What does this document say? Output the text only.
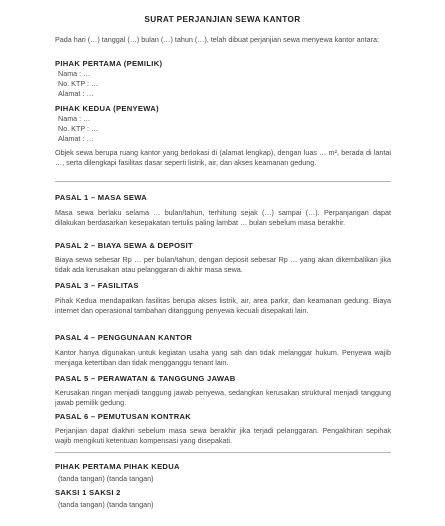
SURAT PERJANJIAN SEWA KANTOR
Pada hari (…) tanggal (…) bulan (…) tahun (…), telah dibuat perjanjian sewa menyewa kantor antara:
PIHAK PERTAMA (PEMILIK)
Nama : …
No. KTP : …
Alamat : …
PIHAK KEDUA (PENYEWA)
Nama : …
No. KTP : …
Alamat : …
Objek sewa berupa ruang kantor yang berlokasi di (alamat lengkap), dengan luas … m², berada di lantai …, serta dilengkapi fasilitas dasar seperti listrik, air, dan akses keamanan gedung.
PASAL 1 – MASA SEWA
Masa sewa berlaku selama … bulan/tahun, terhitung sejak (…) sampai (…). Perpanjangan dapat dilakukan berdasarkan kesepakatan tertulis paling lambat … bulan sebelum masa berakhir.
PASAL 2 – BIAYA SEWA & DEPOSIT
Biaya sewa sebesar Rp … per bulan/tahun, dengan deposit sebesar Rp … yang akan dikembalikan jika tidak ada kerusakan atau pelanggaran di akhir masa sewa.
PASAL 3 – FASILITAS
Pihak Kedua mendapatkan fasilitas berupa akses listrik, air, area parkir, dan keamanan gedung. Biaya internet dan operasional tambahan ditanggung penyewa kecuali disepakati lain.
PASAL 4 – PENGGUNAAN KANTOR
Kantor hanya digunakan untuk kegiatan usaha yang sah dan tidak melanggar hukum. Penyewa wajib menjaga ketertiban dan tidak mengganggu tenant lain.
PASAL 5 – PERAWATAN & TANGGUNG JAWAB
Kerusakan ringan menjadi tanggung jawab penyewa, sedangkan kerusakan struktural menjadi tanggung jawab pemilik gedung.
PASAL 6 – PEMUTUSAN KONTRAK
Perjanjian dapat diakhiri sebelum masa sewa berakhir jika terjadi pelanggaran. Pengakhiran sepihak wajib mengikuti ketentuan kompensasi yang disepakati.
PIHAK PERTAMA PIHAK KEDUA
(tanda tangan) (tanda tangan)
SAKSI 1 SAKSI 2
(tanda tangan) (tanda tangan)
